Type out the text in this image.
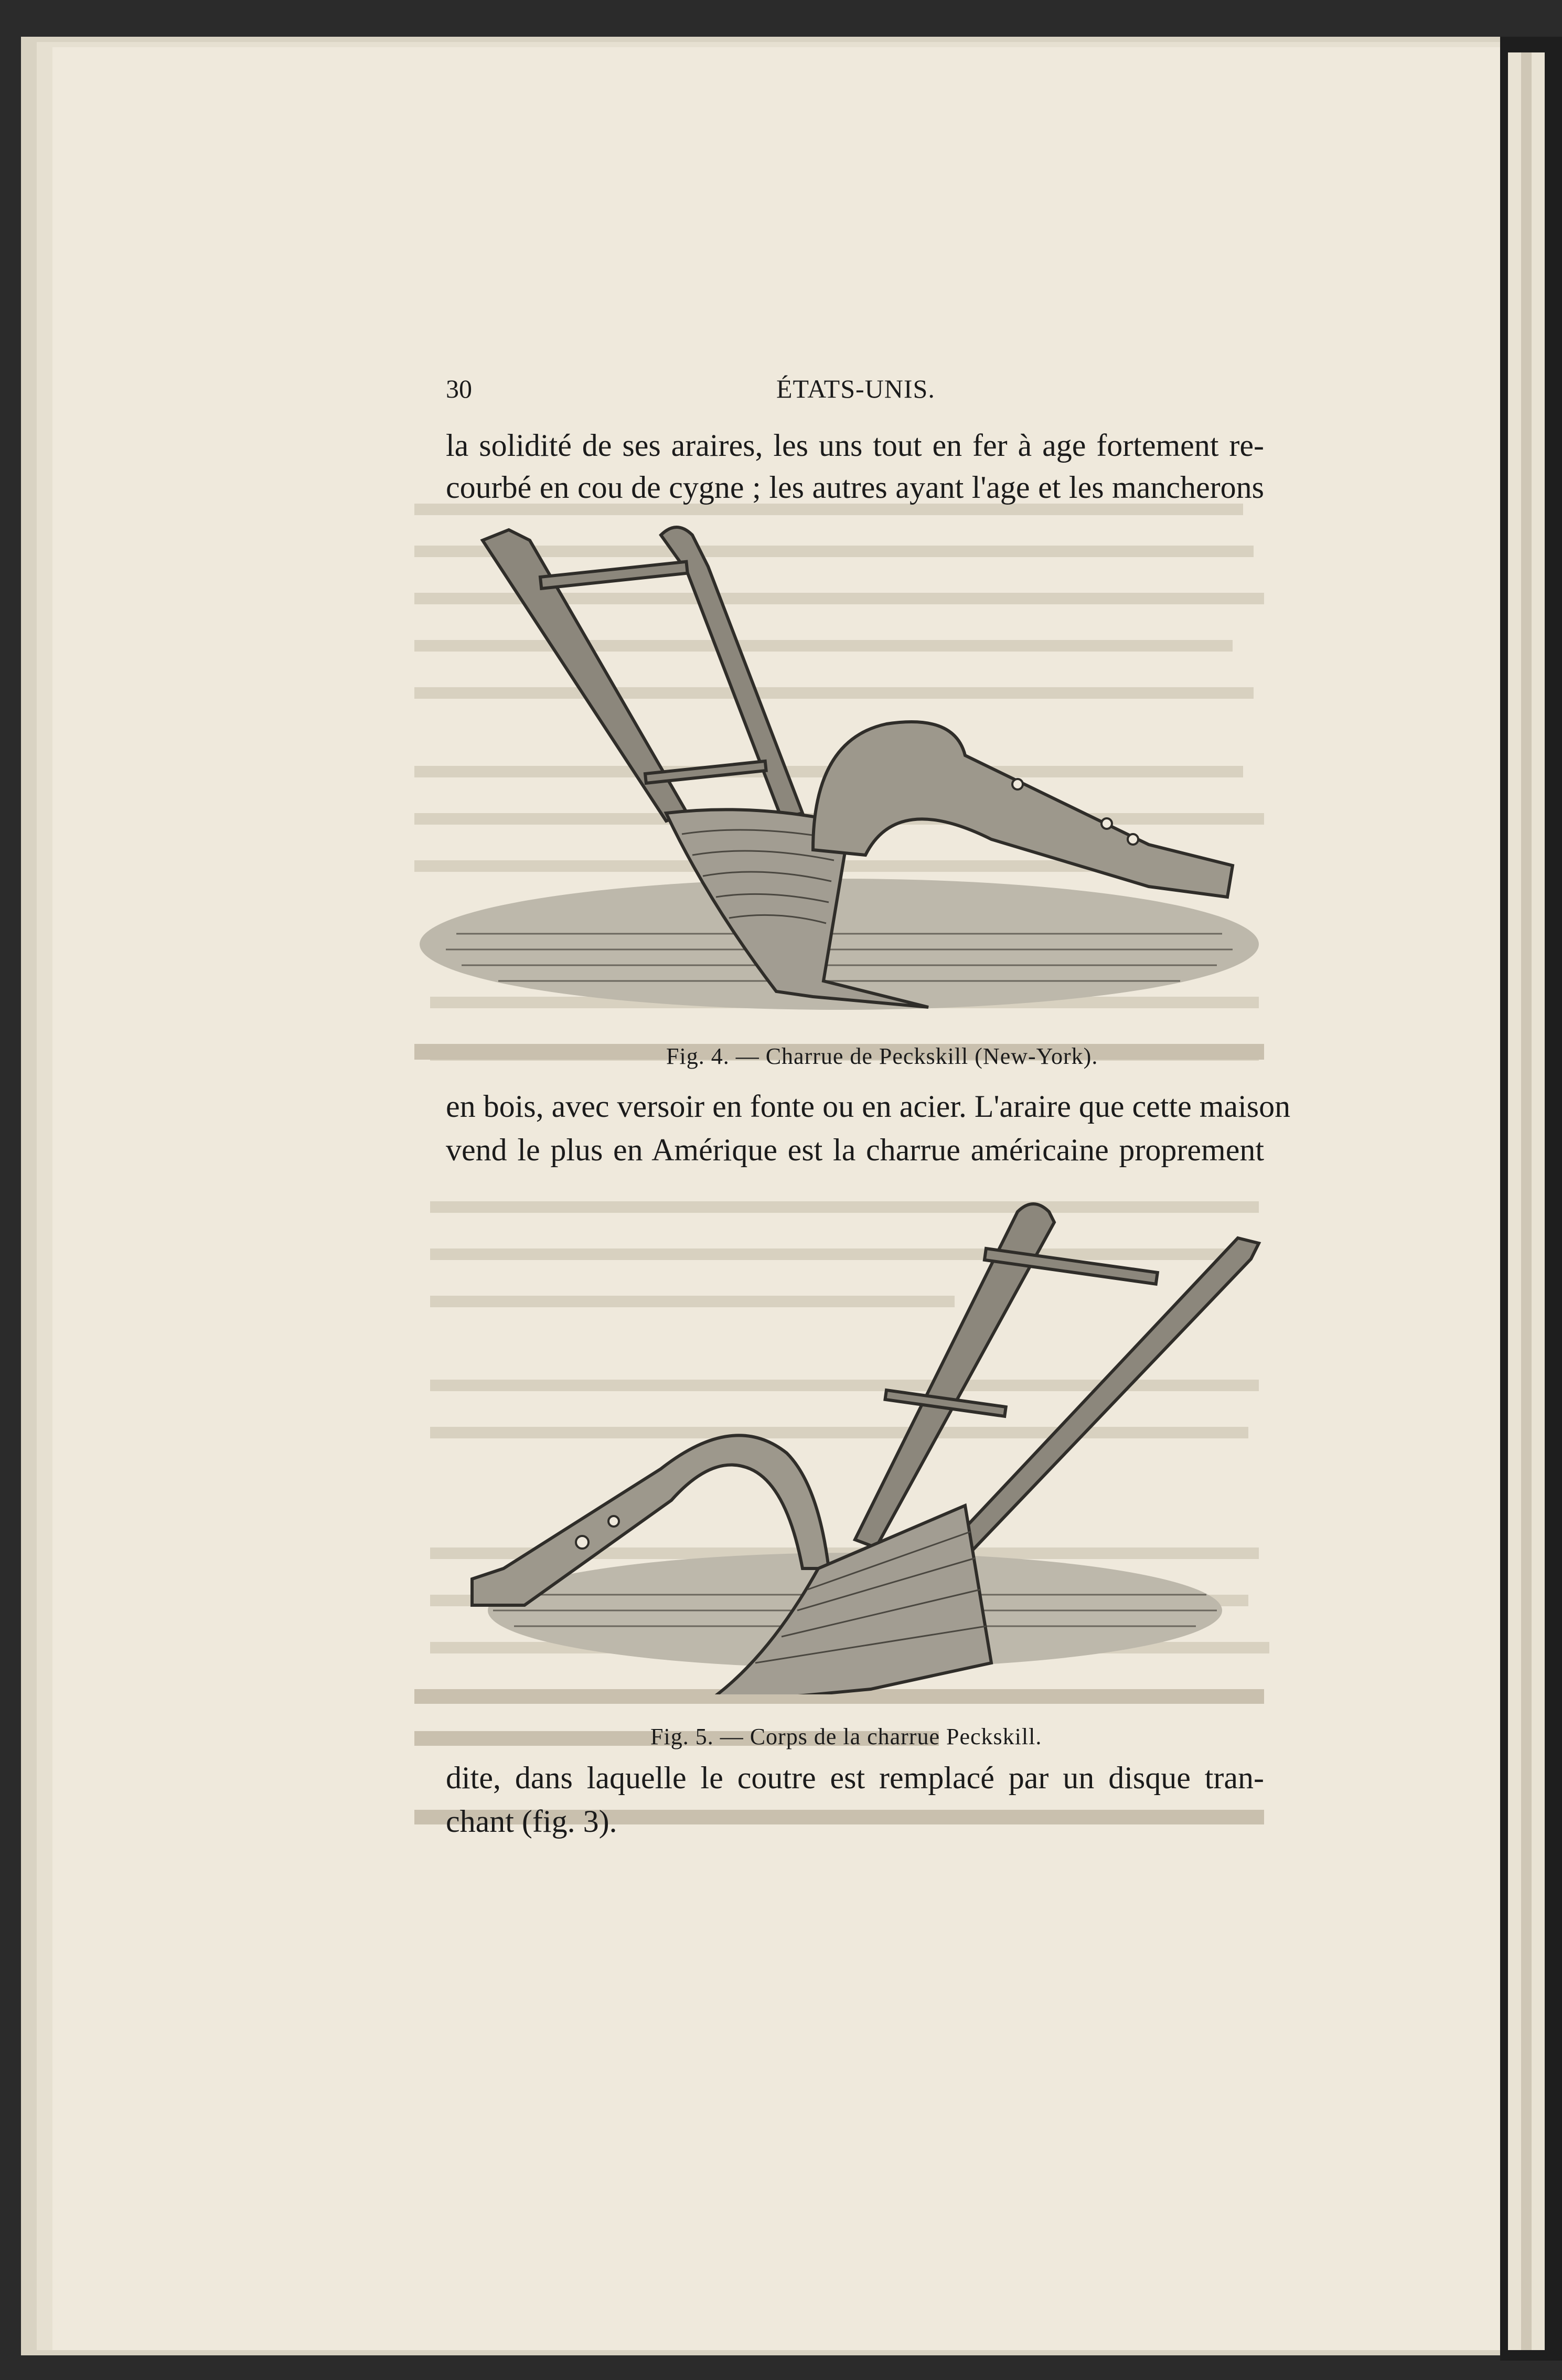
30	ÉTATS-UNIS.
la solidité de ses araires, les uns tout en fer à age fortement re-
courbé en cou de cygne ; les autres ayant l'age et les mancherons
Fig. 4. — Charrue de Peckskill (New-York).
en bois, avec versoir en fonte ou en acier. L'araire que cette maison
vend le plus en Amérique est la charrue américaine proprement
Fig. 5. — Corps de la charrue Peckskill.
dite, dans laquelle le coutre est remplacé par un disque tran-
chant (fig. 3).
